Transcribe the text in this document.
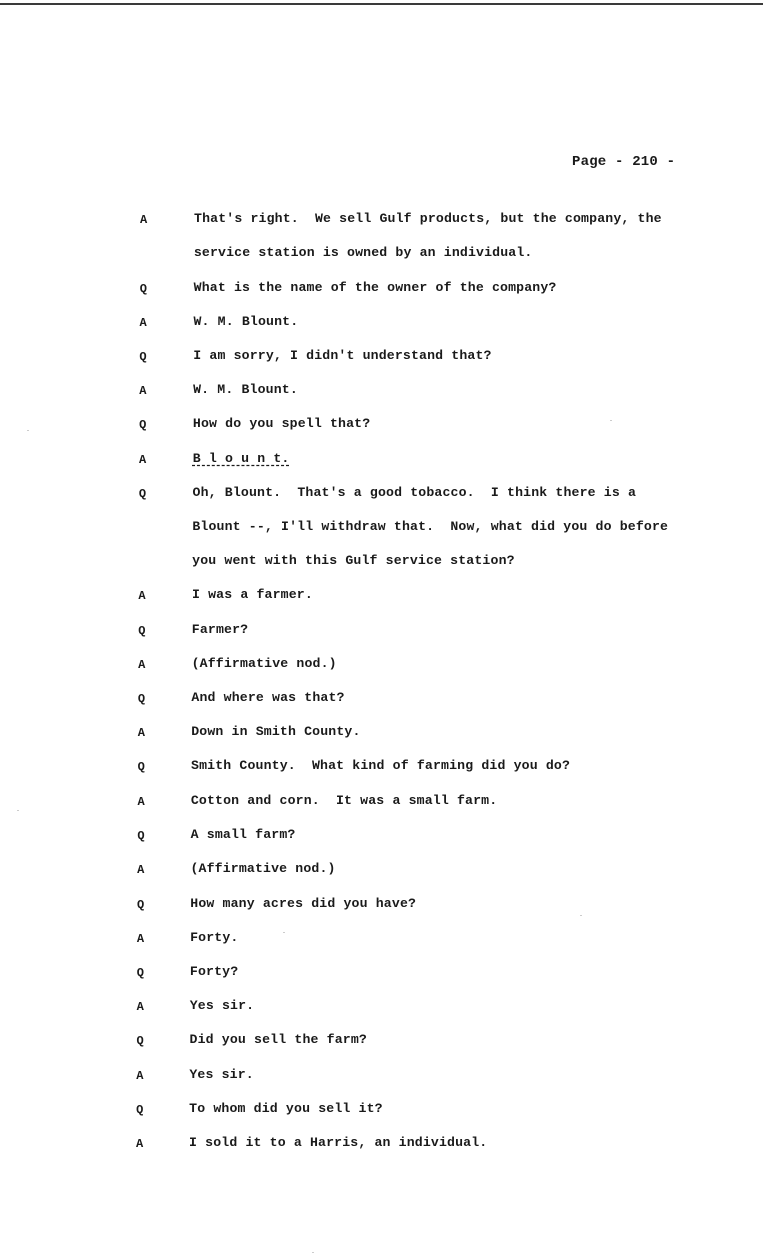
Page - 210 -
A	That's right.  We sell Gulf products, but the company, the
service station is owned by an individual.
Q	What is the name of the owner of the company?
A	W. M. Blount.
Q	I am sorry, I didn't understand that?
A	W. M. Blount.
Q	How do you spell that?
A	B l o u n t.
Q	Oh, Blount.  That's a good tobacco.  I think there is a
Blount --, I'll withdraw that.  Now, what did you do before
you went with this Gulf service station?
A	I was a farmer.
Q	Farmer?
A	(Affirmative nod.)
Q	And where was that?
A	Down in Smith County.
Q	Smith County.  What kind of farming did you do?
A	Cotton and corn.  It was a small farm.
Q	A small farm?
A	(Affirmative nod.)
Q	How many acres did you have?
A	Forty.
Q	Forty?
A	Yes sir.
Q	Did you sell the farm?
A	Yes sir.
Q	To whom did you sell it?
A	I sold it to a Harris, an individual.
